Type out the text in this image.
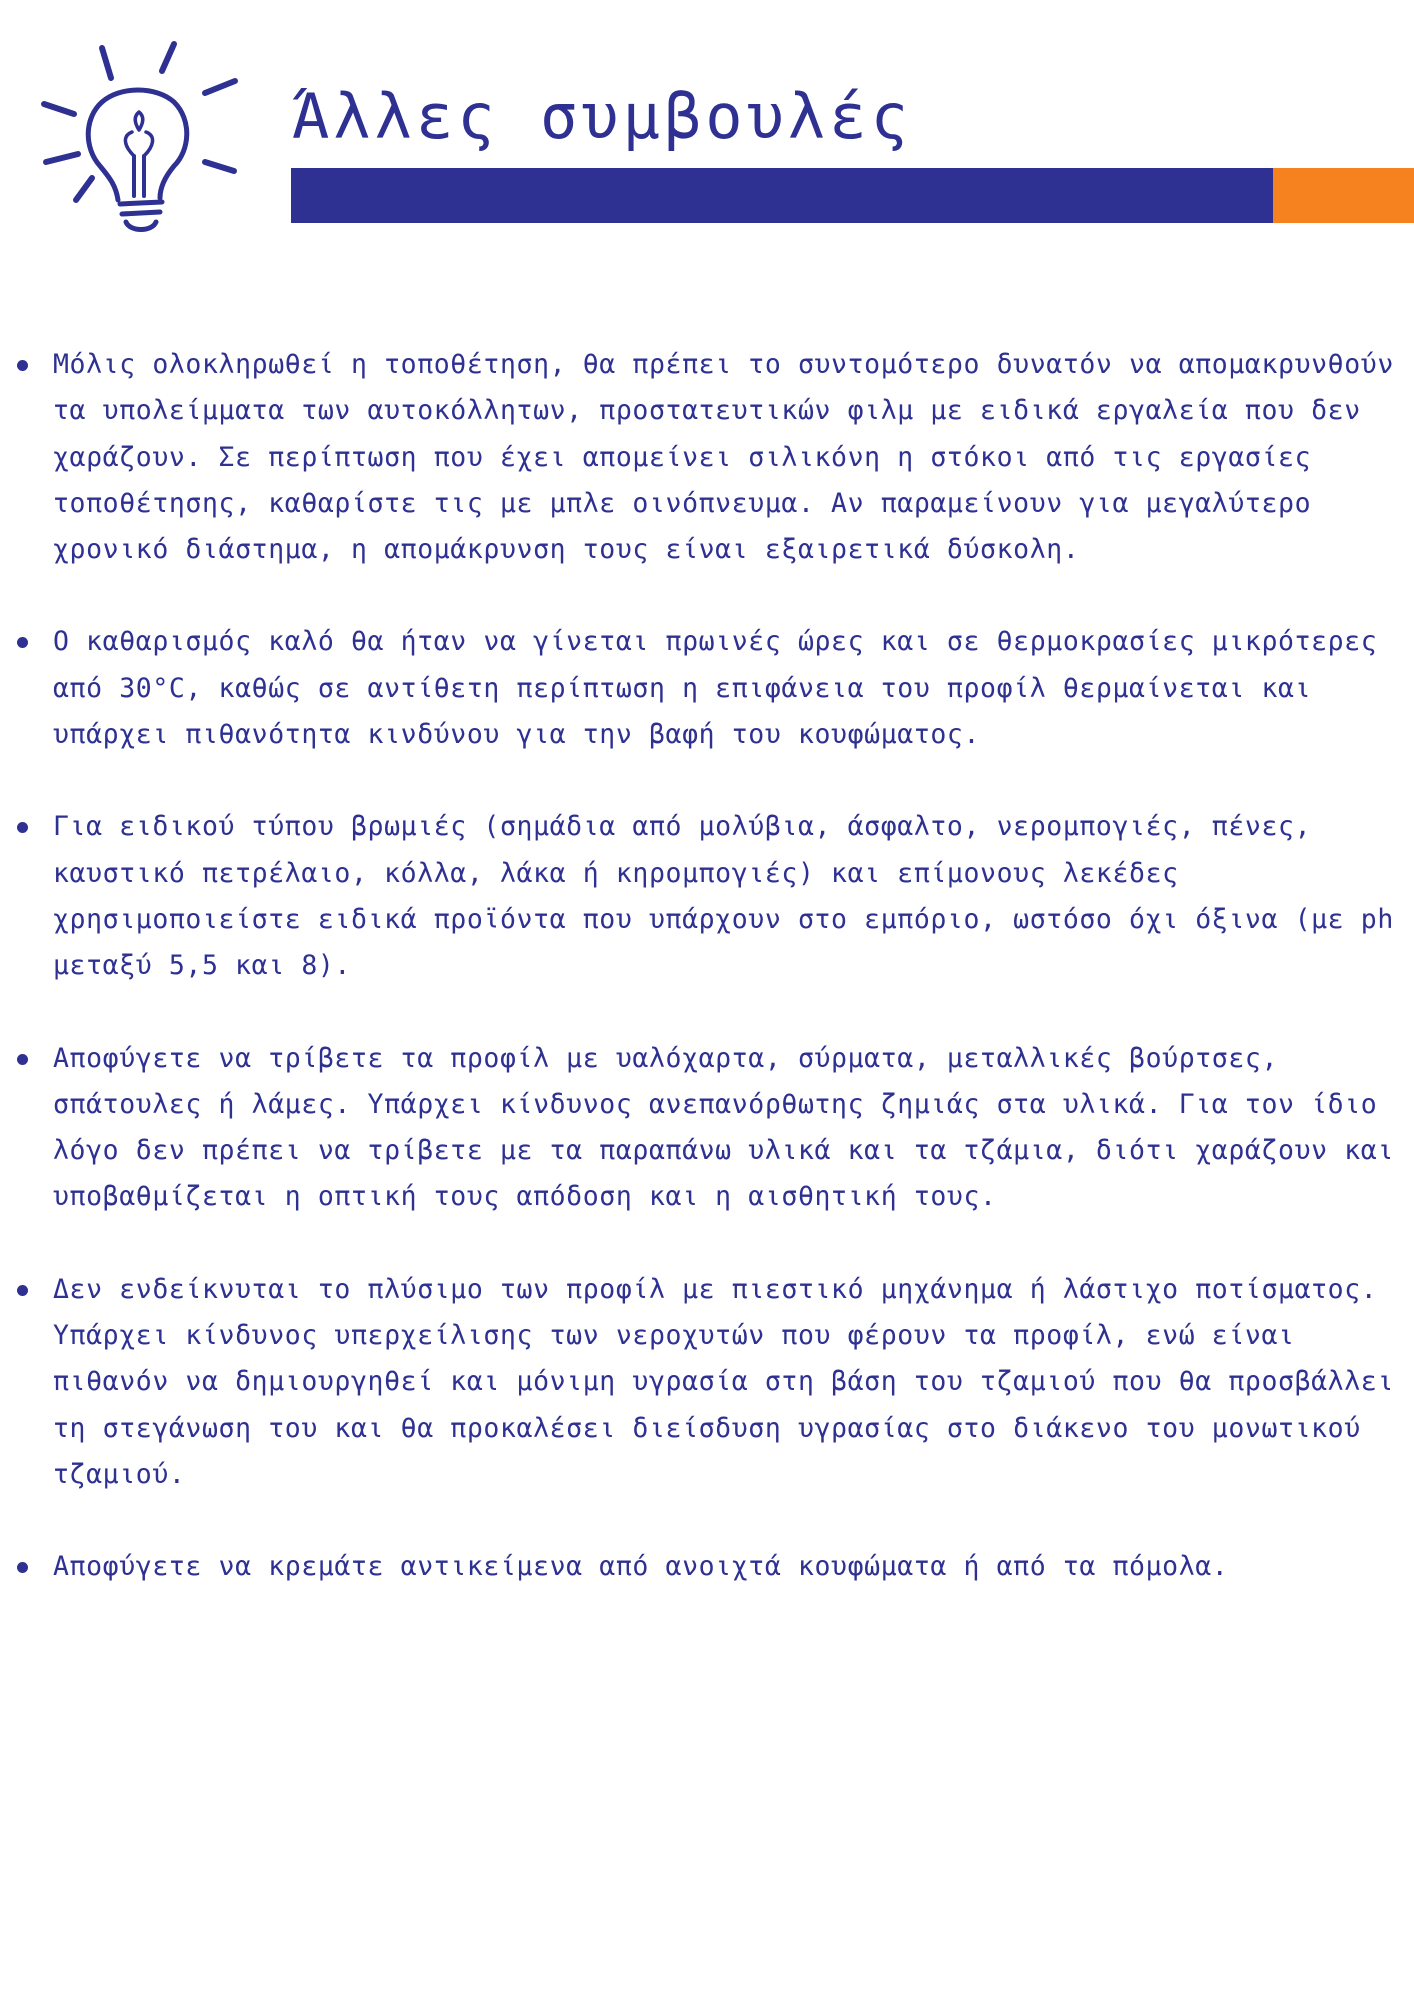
Άλλες συμβουλές
Μόλις ολοκληρωθεί η τοποθέτηση, θα πρέπει το συντομότερο δυνατόν να απομακρυνθούν τα υπολείμματα των αυτοκόλλητων, προστατευτικών φιλμ με ειδικά εργαλεία που δεν χαράζουν. Σε περίπτωση που έχει απομείνει σιλικόνη η στόκοι από τις εργασίες τοποθέτησης, καθαρίστε τις με μπλε οινόπνευμα. Αν παραμείνουν για μεγαλύτερο χρονικό διάστημα, η απομάκρυνση τους είναι εξαιρετικά δύσκολη.
Ο καθαρισμός καλό θα ήταν να γίνεται πρωινές ώρες και σε θερμοκρασίες μικρότερες από 30°C, καθώς σε αντίθετη περίπτωση η επιφάνεια του προφίλ θερμαίνεται και υπάρχει πιθανότητα κινδύνου για την βαφή του κουφώματος.
Για ειδικού τύπου βρωμιές (σημάδια από μολύβια, άσφαλτο, νερομπογιές, πένες, καυστικό πετρέλαιο, κόλλα, λάκα ή κηρομπογιές) και επίμονους λεκέδες χρησιμοποιείστε ειδικά προϊόντα που υπάρχουν στο εμπόριο, ωστόσο όχι όξινα (με ph μεταξύ 5,5 και 8).
Αποφύγετε να τρίβετε τα προφίλ με υαλόχαρτα, σύρματα, μεταλλικές βούρτσες, σπάτουλες ή λάμες. Υπάρχει κίνδυνος ανεπανόρθωτης ζημιάς στα υλικά. Για τον ίδιο λόγο δεν πρέπει να τρίβετε με τα παραπάνω υλικά και τα τζάμια, διότι χαράζουν και υποβαθμίζεται η οπτική τους απόδοση και η αισθητική τους.
Δεν ενδείκνυται το πλύσιμο των προφίλ με πιεστικό μηχάνημα ή λάστιχο ποτίσματος. Υπάρχει κίνδυνος υπερχείλισης των νεροχυτών που φέρουν τα προφίλ, ενώ είναι πιθανόν να δημιουργηθεί και μόνιμη υγρασία στη βάση του τζαμιού που θα προσβάλλει τη στεγάνωση του και θα προκαλέσει διείσδυση υγρασίας στο διάκενο του μονωτικού τζαμιού.
Αποφύγετε να κρεμάτε αντικείμενα από ανοιχτά κουφώματα ή από τα πόμολα.
